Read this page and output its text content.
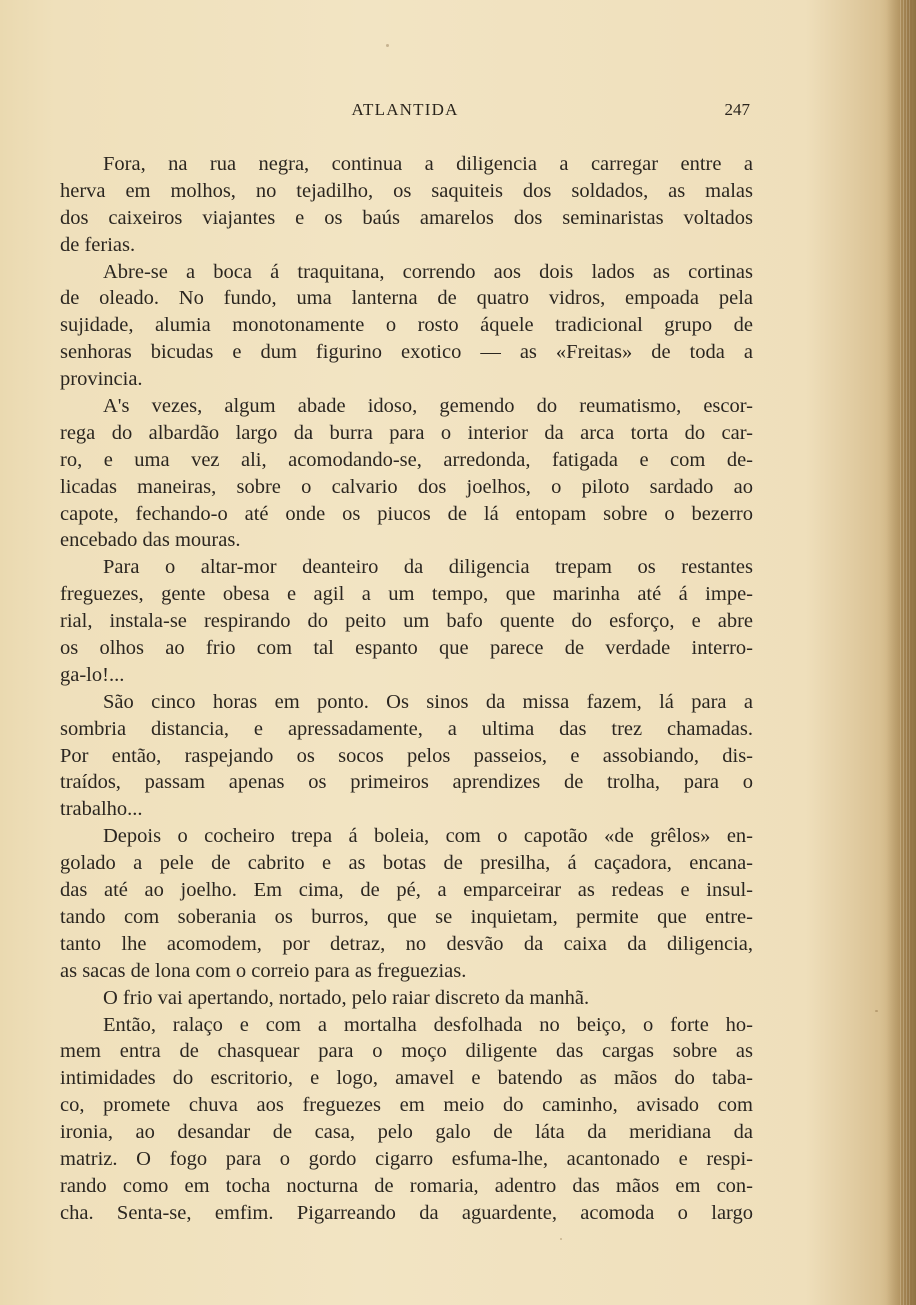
ATLANTIDA	247
Fora, na rua negra, continua a diligencia a carregar entre a
herva em molhos, no tejadilho, os saquiteis dos soldados, as malas
dos caixeiros viajantes e os baús amarelos dos seminaristas voltados
de ferias.
Abre-se a boca á traquitana, correndo aos dois lados as cortinas
de oleado. No fundo, uma lanterna de quatro vidros, empoada pela
sujidade, alumia monotonamente o rosto áquele tradicional grupo de
senhoras bicudas e dum figurino exotico — as «Freitas» de toda a
provincia.
A's vezes, algum abade idoso, gemendo do reumatismo, escor-
rega do albardão largo da burra para o interior da arca torta do car-
ro, e uma vez ali, acomodando-se, arredonda, fatigada e com de-
licadas maneiras, sobre o calvario dos joelhos, o piloto sardado ao
capote, fechando-o até onde os piucos de lá entopam sobre o bezerro
encebado das mouras.
Para o altar-mor deanteiro da diligencia trepam os restantes
freguezes, gente obesa e agil a um tempo, que marinha até á impe-
rial, instala-se respirando do peito um bafo quente do esforço, e abre
os olhos ao frio com tal espanto que parece de verdade interro-
ga-lo!...
São cinco horas em ponto. Os sinos da missa fazem, lá para a
sombria distancia, e apressadamente, a ultima das trez chamadas.
Por então, raspejando os socos pelos passeios, e assobiando, dis-
traídos, passam apenas os primeiros aprendizes de trolha, para o
trabalho...
Depois o cocheiro trepa á boleia, com o capotão «de grêlos» en-
golado a pele de cabrito e as botas de presilha, á caçadora, encana-
das até ao joelho. Em cima, de pé, a emparceirar as redeas e insul-
tando com soberania os burros, que se inquietam, permite que entre-
tanto lhe acomodem, por detraz, no desvão da caixa da diligencia,
as sacas de lona com o correio para as freguezias.
O frio vai apertando, nortado, pelo raiar discreto da manhã.
Então, ralaço e com a mortalha desfolhada no beiço, o forte ho-
mem entra de chasquear para o moço diligente das cargas sobre as
intimidades do escritorio, e logo, amavel e batendo as mãos do taba-
co, promete chuva aos freguezes em meio do caminho, avisado com
ironia, ao desandar de casa, pelo galo de láta da meridiana da
matriz. O fogo para o gordo cigarro esfuma-lhe, acantonado e respi-
rando como em tocha nocturna de romaria, adentro das mãos em con-
cha. Senta-se, emfim. Pigarreando da aguardente, acomoda o largo
